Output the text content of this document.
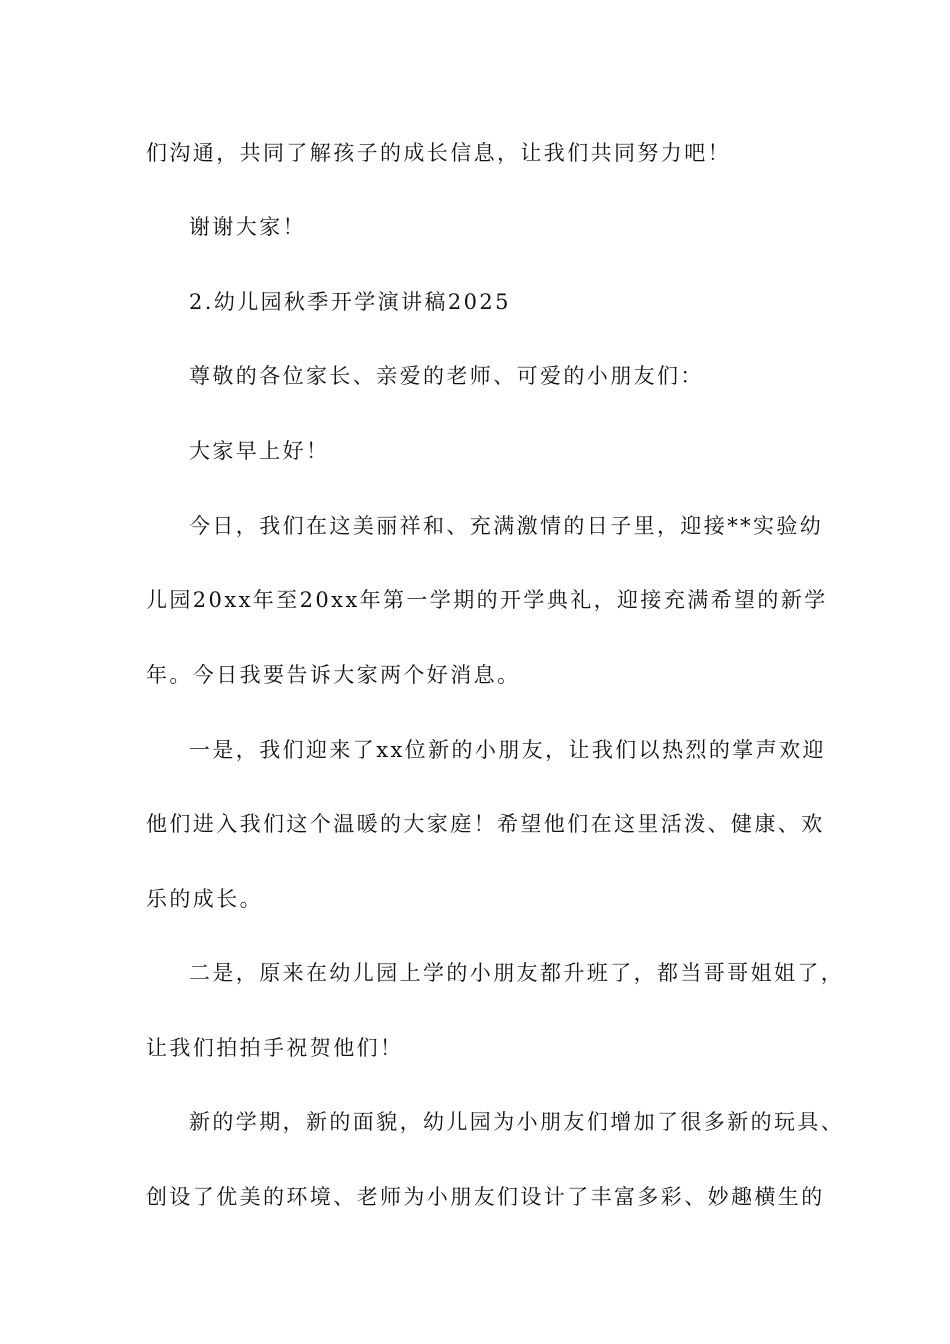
们沟通，共同了解孩子的成长信息，让我们共同努力吧！
谢谢大家！
2.幼儿园秋季开学演讲稿2025
尊敬的各位家长、亲爱的老师、可爱的小朋友们：
大家早上好！
今日，我们在这美丽祥和、充满激情的日子里，迎接**实验幼
儿园20xx年至20xx年第一学期的开学典礼，迎接充满希望的新学
年。今日我要告诉大家两个好消息。
一是，我们迎来了xx位新的小朋友，让我们以热烈的掌声欢迎
他们进入我们这个温暖的大家庭！希望他们在这里活泼、健康、欢
乐的成长。
二是，原来在幼儿园上学的小朋友都升班了，都当哥哥姐姐了，
让我们拍拍手祝贺他们！
新的学期，新的面貌，幼儿园为小朋友们增加了很多新的玩具、
创设了优美的环境、老师为小朋友们设计了丰富多彩、妙趣横生的
